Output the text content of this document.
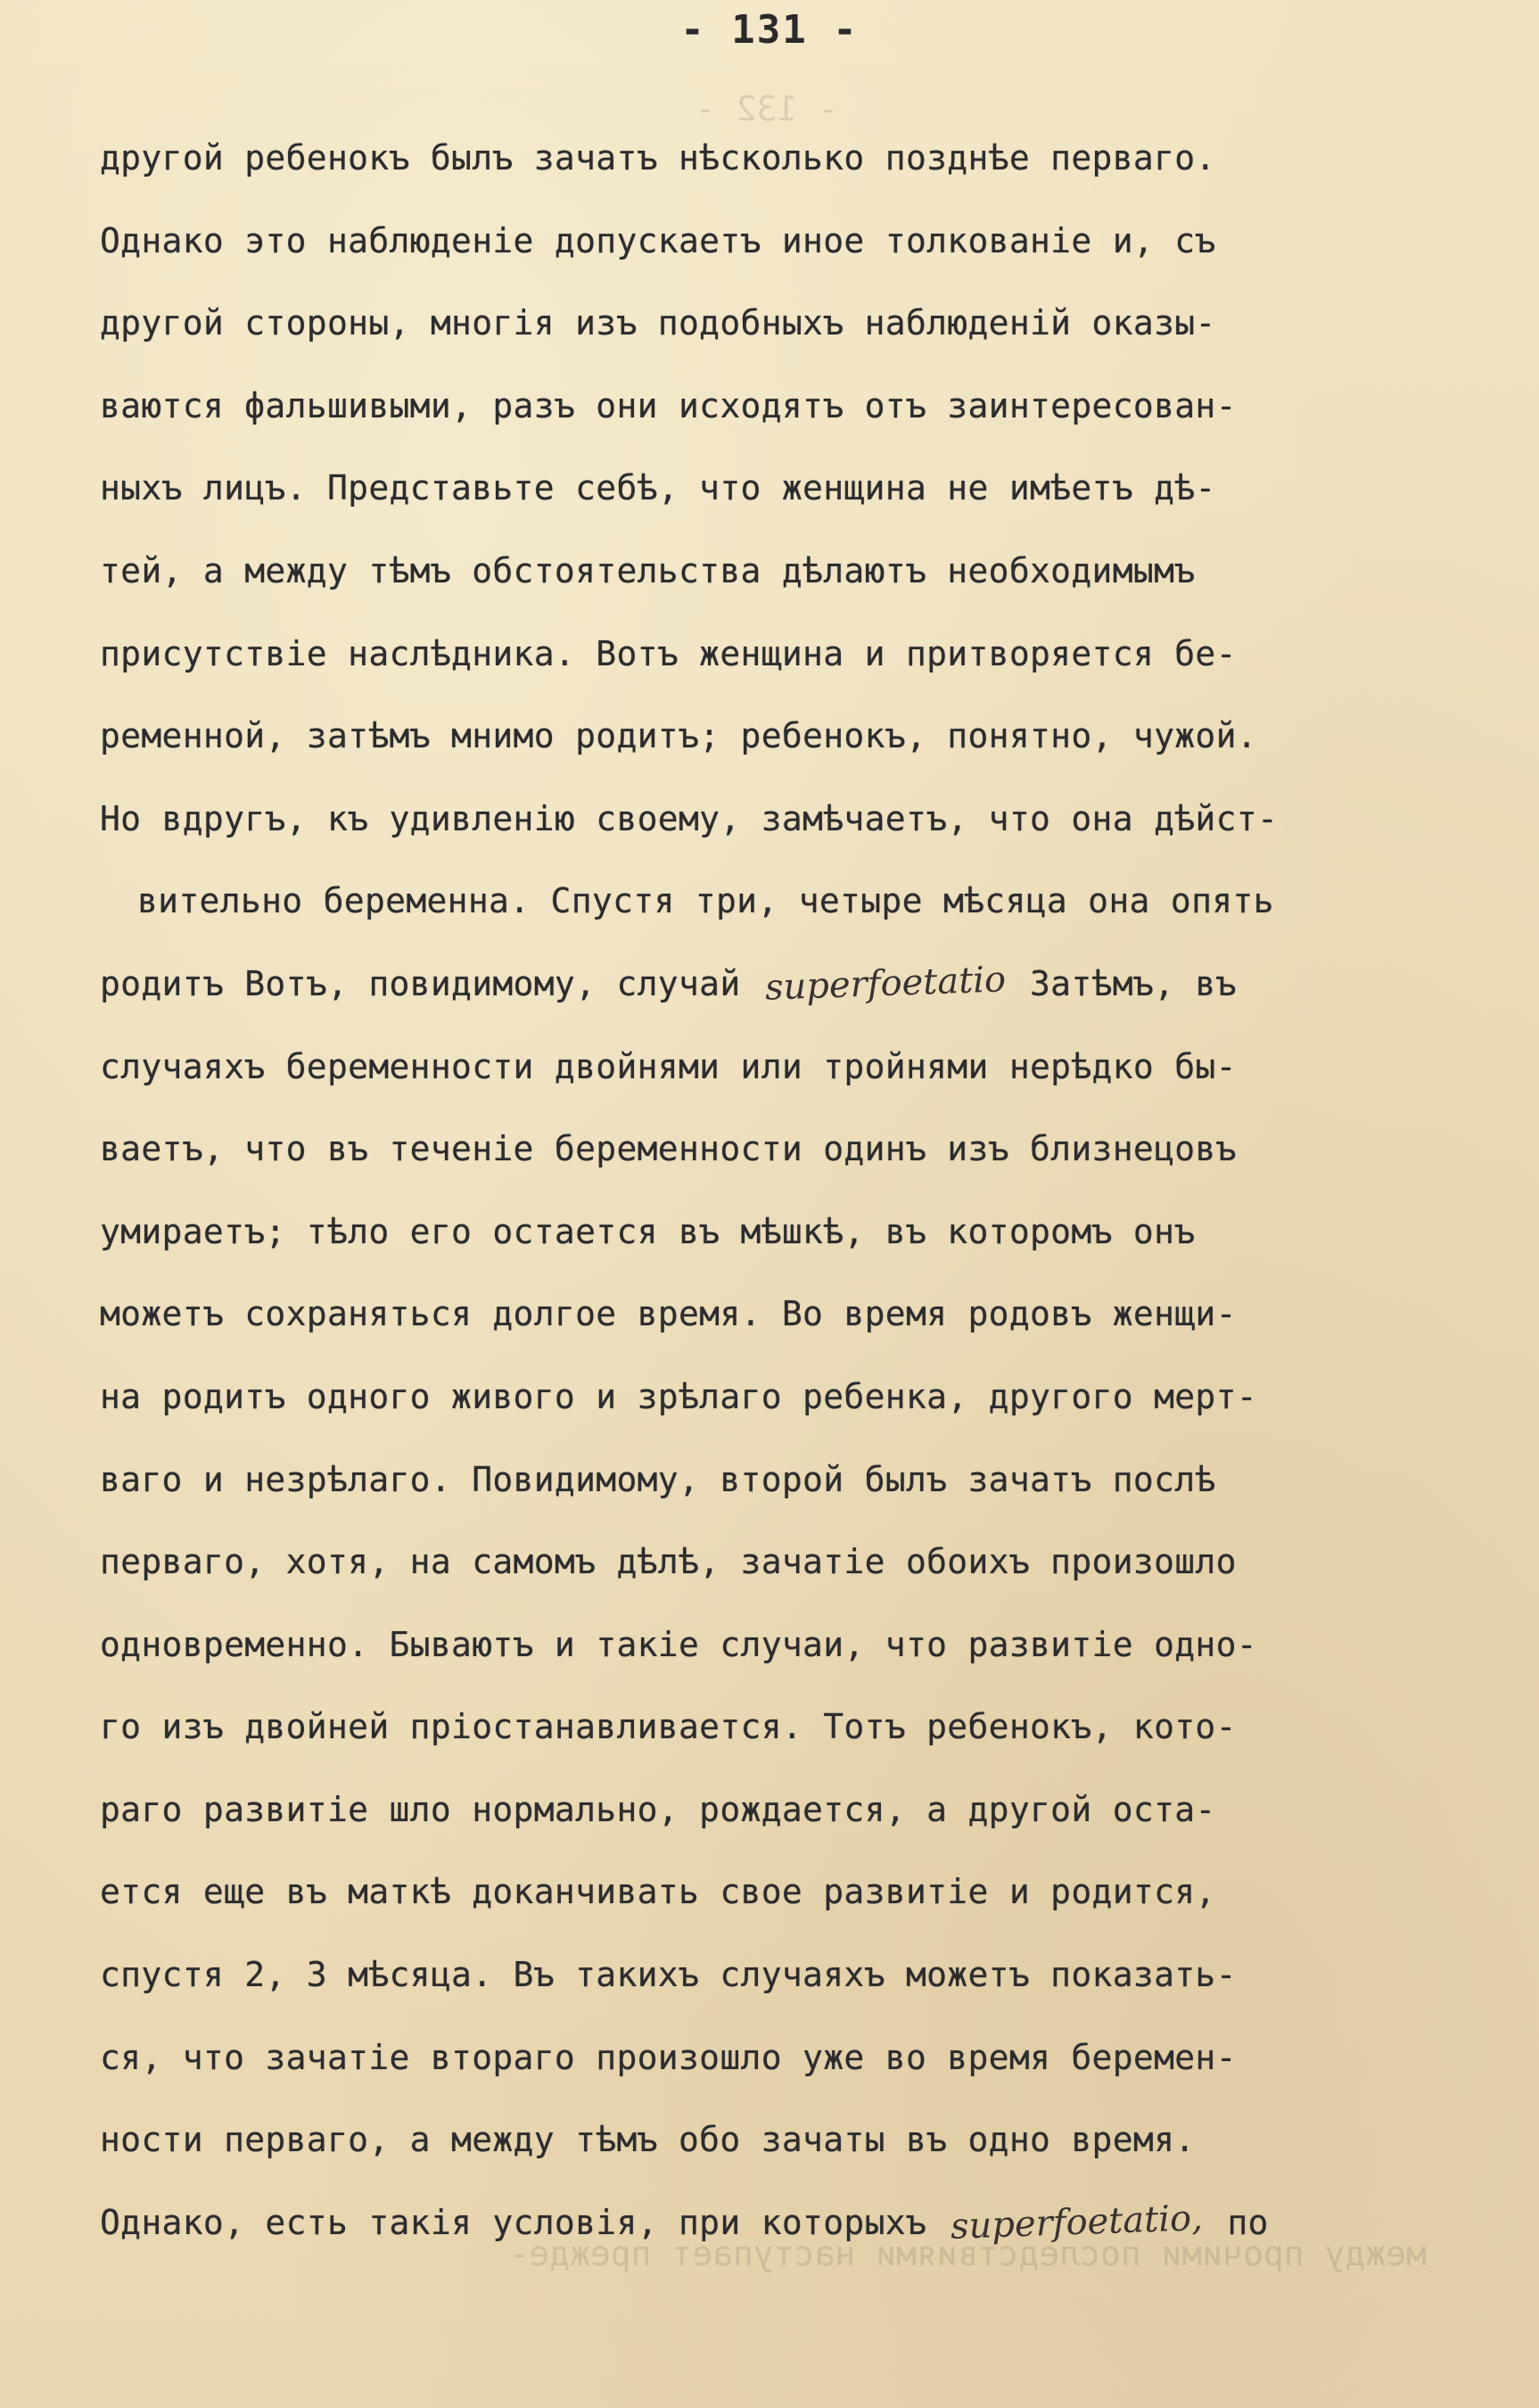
- 132 -
между прочими последствиями наступает преждe-
- 131 -
другой ребенокъ былъ зачатъ нѣсколько позднѣе перваго.
Однако это наблюденіе допускаетъ иное толкованіе и, съ
другой стороны, многія изъ подобныхъ наблюденій оказы-
ваются фальшивыми, разъ они исходятъ отъ заинтересован-
ныхъ лицъ. Представьте себѣ, что женщина не имѣетъ дѣ-
тей, а между тѣмъ обстоятельства дѣлаютъ необходимымъ
присутствіе наслѣдника. Вотъ женщина и притворяется бе-
ременной, затѣмъ мнимо родитъ; ребенокъ, понятно, чужой.
Но вдругъ, къ удивленію своему, замѣчаетъ, что она дѣйст-
вительно беременна. Спустя три, четыре мѣсяца она опять
родитъ Вотъ, повидимому, случай superfoetatio Затѣмъ, въ
случаяхъ беременности двойнями или тройнями нерѣдко бы-
ваетъ, что въ теченіе беременности одинъ изъ близнецовъ
умираетъ; тѣло его остается въ мѣшкѣ, въ которомъ онъ
можетъ сохраняться долгое время. Во время родовъ женщи-
на родитъ одного живого и зрѣлаго ребенка, другого мерт-
ваго и незрѣлаго. Повидимому, второй былъ зачатъ послѣ
перваго, хотя, на самомъ дѣлѣ, зачатіе обоихъ произошло
одновременно. Бываютъ и такіе случаи, что развитіе одно-
го изъ двойней пріостанавливается. Тотъ ребенокъ, кото-
раго развитіе шло нормально, рождается, а другой оста-
ется еще въ маткѣ доканчивать свое развитіе и родится,
спустя 2, 3 мѣсяца. Въ такихъ случаяхъ можетъ показать-
ся, что зачатіе втораго произошло уже во время беремен-
ности перваго, а между тѣмъ обо зачаты въ одно время.
Однако, есть такія условія, при которыхъ superfoetatio, по
